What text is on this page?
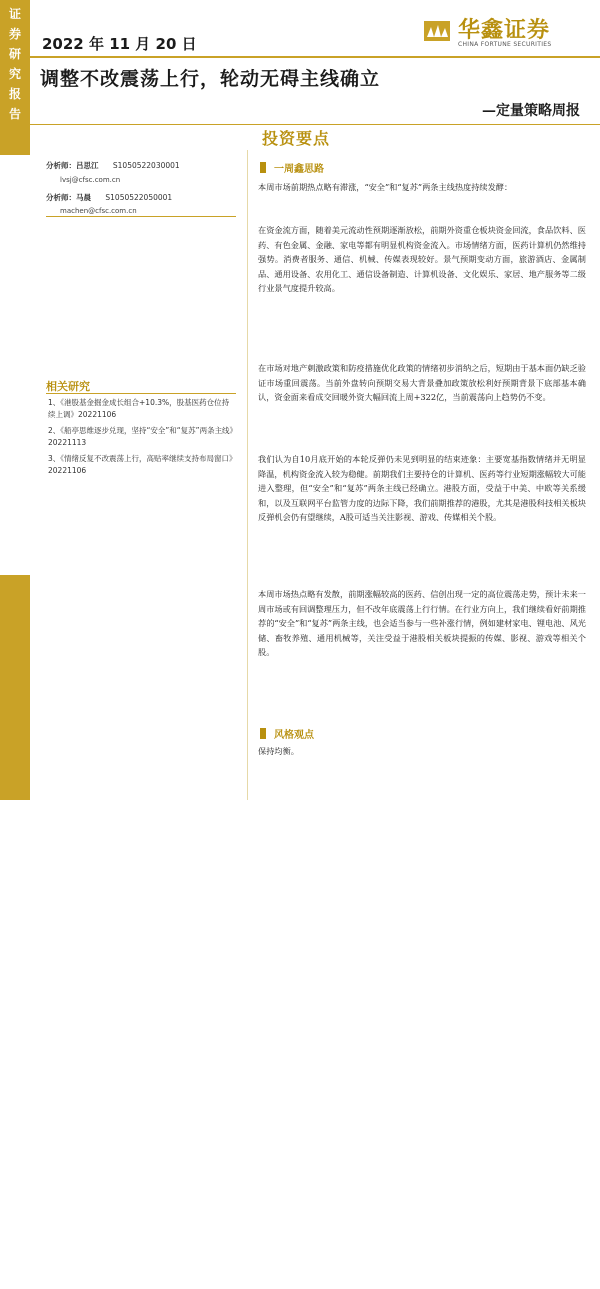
证
券
研
究
报
告
金
融
工
程
研
究
2022 年 11 月 20 日
华鑫证券
CHINA FORTUNE SECURITIES
调整不改震荡上行，轮动无碍主线确立
—定量策略周报
投资要点
分析师：吕思江 S1050522030001
lvsj@cfsc.com.cn
分析师：马晨 S1050522050001
machen@cfsc.com.cn
相关研究
1、《港股基金掘金成长组合+10.3%，股基医药仓位持续上调》20221106
2、《船亭思维逐步兑现，坚持“安全”和“复苏”两条主线》20221113
3、《情绪反复不改震荡上行，高贴率继续支持布局窗口》20221106
一周鑫思路
本周市场前期热点略有滞涨，“安全”和“复苏”两条主线热度持续发酵：
在资金流方面，随着美元流动性预期逐渐放松，前期外资重仓板块资金回流，食品饮料、医药、有色金属、金融、家电等都有明显机构资金流入。市场情绪方面，医药计算机仍然维持强势。消费者服务、通信、机械、传媒表现较好。景气预期变动方面，旅游酒店、金属制品、通用设备、农用化工、通信设备制造、计算机设备、文化娱乐、家居、地产服务等二级行业景气度提升较高。
在市场对地产刺激政策和防疫措施优化政策的情绪初步消纳之后，短期由于基本面仍缺乏验证市场重回震荡。当前外盘转向预期交易大背景叠加政策放松利好预期背景下底部基本确认，资金面来看成交回暖外资大幅回流上周+322亿，当前震荡向上趋势仍不变。
我们认为自10月底开始的本轮反弹仍未见到明显的结束迹象：主要宽基指数情绪并无明显降温，机构资金流入较为稳健。前期我们主要持仓的计算机、医药等行业短期涨幅较大可能进入整理，但“安全”和“复苏”两条主线已经确立。港股方面，受益于中美、中欧等关系缓和，以及互联网平台监管力度的边际下降，我们前期推荐的港股，尤其是港股科技相关板块反弹机会仍有望继续，A股可适当关注影视、游戏、传媒相关个股。
本周市场热点略有发散，前期涨幅较高的医药、信创出现一定的高位震荡走势，预计未来一周市场或有回调整理压力，但不改年底震荡上行行情。在行业方向上，我们继续看好前期推荐的“安全”和“复苏”两条主线，也会适当参与一些补涨行情，例如建材家电、锂电池、风光储、畜牧养殖、通用机械等，关注受益于港股相关板块提振的传媒、影视、游戏等相关个股。
风格观点
保持均衡。
